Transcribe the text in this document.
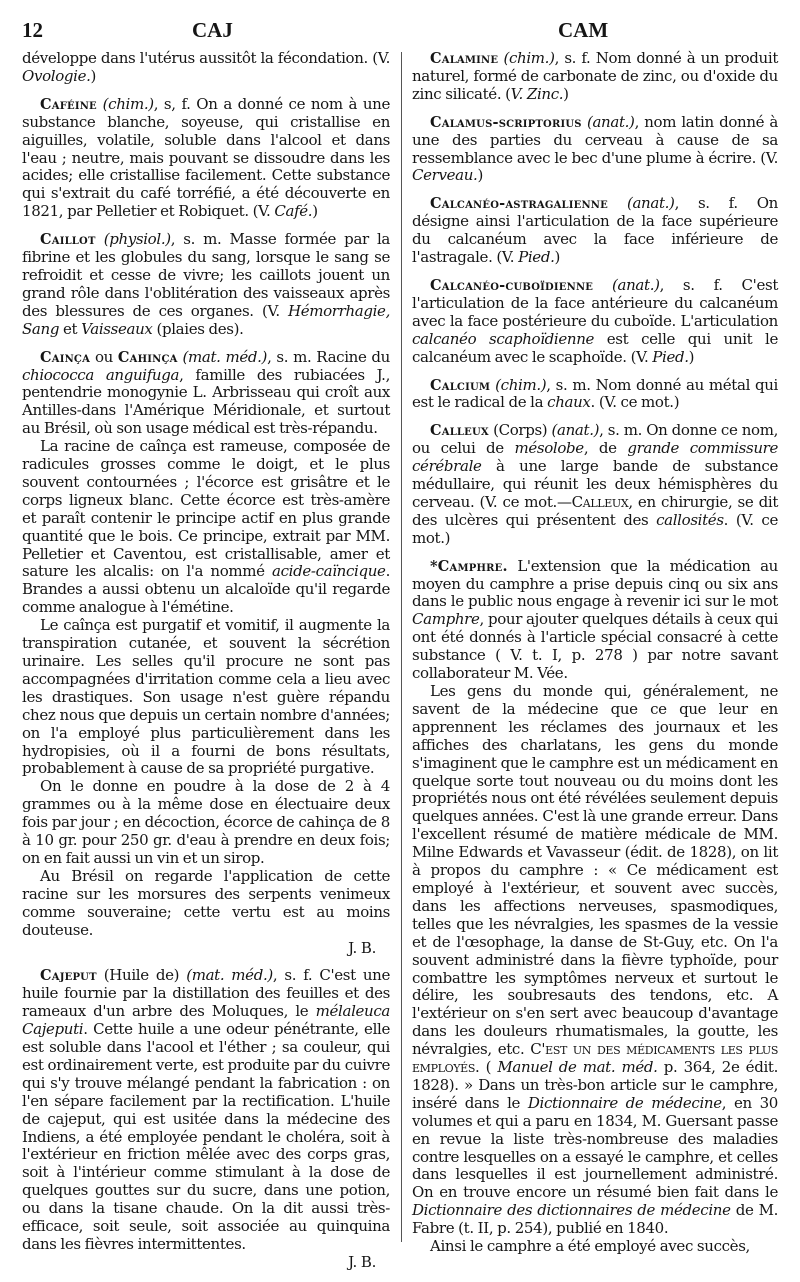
12	CAJ	CAM

développe dans l'utérus aussitôt la fécondation. (V. Ovologie.)

Caféine (chim.), s, f. On a donné ce nom à une substance blanche, soyeuse, qui cristallise en aiguilles, volatile, soluble dans l'alcool et dans l'eau ; neutre, mais pouvant se dissoudre dans les acides; elle cristallise facilement. Cette substance qui s'extrait du café torréfié, a été découverte en 1821, par Pelletier et Robiquet. (V. Café.)

Caillot (physiol.), s. m. Masse formée par la fibrine et les globules du sang, lorsque le sang se refroidit et cesse de vivre; les caillots jouent un grand rôle dans l'oblitération des vaisseaux après des blessures de ces organes. (V. Hémorrhagie, Sang et Vaisseaux (plaies des).

Cainça ou Cahinça (mat. méd.), s. m. Racine du chiococca anguifuga, famille des rubiacées J., pentendrie monogynie L. Arbrisseau qui croît aux Antilles-dans l'Amérique Méridionale, et surtout au Brésil, où son usage médical est très-répandu.

La racine de caînça est rameuse, composée de radicules grosses comme le doigt, et le plus souvent contournées ; l'écorce est grisâtre et le corps ligneux blanc. Cette écorce est très-amère et paraît contenir le principe actif en plus grande quantité que le bois. Ce principe, extrait par MM. Pelletier et Caventou, est cristallisable, amer et sature les alcalis: on l'a nommé acide-caïncique. Brandes a aussi obtenu un alcaloïde qu'il regarde comme analogue à l'émétine.

Le caînça est purgatif et vomitif, il augmente la transpiration cutanée, et souvent la sécrétion urinaire. Les selles qu'il procure ne sont pas accompagnées d'irritation comme cela a lieu avec les drastiques. Son usage n'est guère répandu chez nous que depuis un certain nombre d'années; on l'a employé plus particulièrement dans les hydropisies, où il a fourni de bons résultats, probablement à cause de sa propriété purgative.

On le donne en poudre à la dose de 2 à 4 grammes ou à la même dose en électuaire deux fois par jour ; en décoction, écorce de cahinça de 8 à 10 gr. pour 250 gr. d'eau à prendre en deux fois; on en fait aussi un vin et un sirop.

Au Brésil on regarde l'application de cette racine sur les morsures des serpents venimeux comme souveraine; cette vertu est au moins douteuse.

J. B.

Cajeput (Huile de) (mat. méd.), s. f. C'est une huile fournie par la distillation des feuilles et des rameaux d'un arbre des Moluques, le mélaleuca Cajeputi. Cette huile a une odeur pénétrante, elle est soluble dans l'acool et l'éther ; sa couleur, qui est ordinairement verte, est produite par du cuivre qui s'y trouve mélangé pendant la fabrication : on l'en sépare facilement par la rectification. L'huile de cajeput, qui est usitée dans la médecine des Indiens, a été employée pendant le choléra, soit à l'extérieur en friction mêlée avec des corps gras, soit à l'intérieur comme stimulant à la dose de quelques gouttes sur du sucre, dans une potion, ou dans la tisane chaude. On la dit aussi très-efficace, soit seule, soit associée au quinquina dans les fièvres intermittentes.

J. B.

Calamine (chim.), s. f. Nom donné à un produit naturel, formé de carbonate de zinc, ou d'oxide du zinc silicaté. (V. Zinc.)

Calamus-scriptorius (anat.), nom latin donné à une des parties du cerveau à cause de sa ressemblance avec le bec d'une plume à écrire. (V. Cerveau.)

Calcanéo-astragalienne (anat.), s. f. On désigne ainsi l'articulation de la face supérieure du calcanéum avec la face inférieure de l'astragale. (V. Pied.)

Calcanéo-cuboïdienne (anat.), s. f. C'est l'articulation de la face antérieure du calcanéum avec la face postérieure du cuboïde. L'articulation calcanéo scaphoïdienne est celle qui unit le calcanéum avec le scaphoïde. (V. Pied.)

Calcium (chim.), s. m. Nom donné au métal qui est le radical de la chaux. (V. ce mot.)

Calleux (Corps) (anat.), s. m. On donne ce nom, ou celui de mésolobe, de grande commissure cérébrale à une large bande de substance médullaire, qui réunit les deux hémisphères du cerveau. (V. ce mot.—Calleux, en chirurgie, se dit des ulcères qui présentent des callosités. (V. ce mot.)

*Camphre. L'extension que la médication au moyen du camphre a prise depuis cinq ou six ans dans le public nous engage à revenir ici sur le mot Camphre, pour ajouter quelques détails à ceux qui ont été donnés à l'article spécial consacré à cette substance ( V. t. I, p. 278 ) par notre savant collaborateur M. Vée.

Les gens du monde qui, généralement, ne savent de la médecine que ce que leur en apprennent les réclames des journaux et les affiches des charlatans, les gens du monde s'imaginent que le camphre est un médicament en quelque sorte tout nouveau ou du moins dont les propriétés nous ont été révélées seulement depuis quelques années. C'est là une grande erreur. Dans l'excellent résumé de matière médicale de MM. Milne Edwards et Vavasseur (édit. de 1828), on lit à propos du camphre : « Ce médicament est employé à l'extérieur, et souvent avec succès, dans les affections nerveuses, spasmodiques, telles que les névralgies, les spasmes de la vessie et de l'œsophage, la danse de St-Guy, etc. On l'a souvent administré dans la fièvre typhoïde, pour combattre les symptômes nerveux et surtout le délire, les soubresauts des tendons, etc. A l'extérieur on s'en sert avec beaucoup d'avantage dans les douleurs rhumatismales, la goutte, les névralgies, etc. C'est un des médicaments les plus employés. ( Manuel de mat. méd. p. 364, 2e édit. 1828). » Dans un très-bon article sur le camphre, inséré dans le Dictionnaire de médecine, en 30 volumes et qui a paru en 1834, M. Guersant passe en revue la liste très-nombreuse des maladies contre lesquelles on a essayé le camphre, et celles dans lesquelles il est journellement administré. On en trouve encore un résumé bien fait dans le Dictionnaire des dictionnaires de médecine de M. Fabre (t. II, p. 254), publié en 1840.

Ainsi le camphre a été employé avec succès,
